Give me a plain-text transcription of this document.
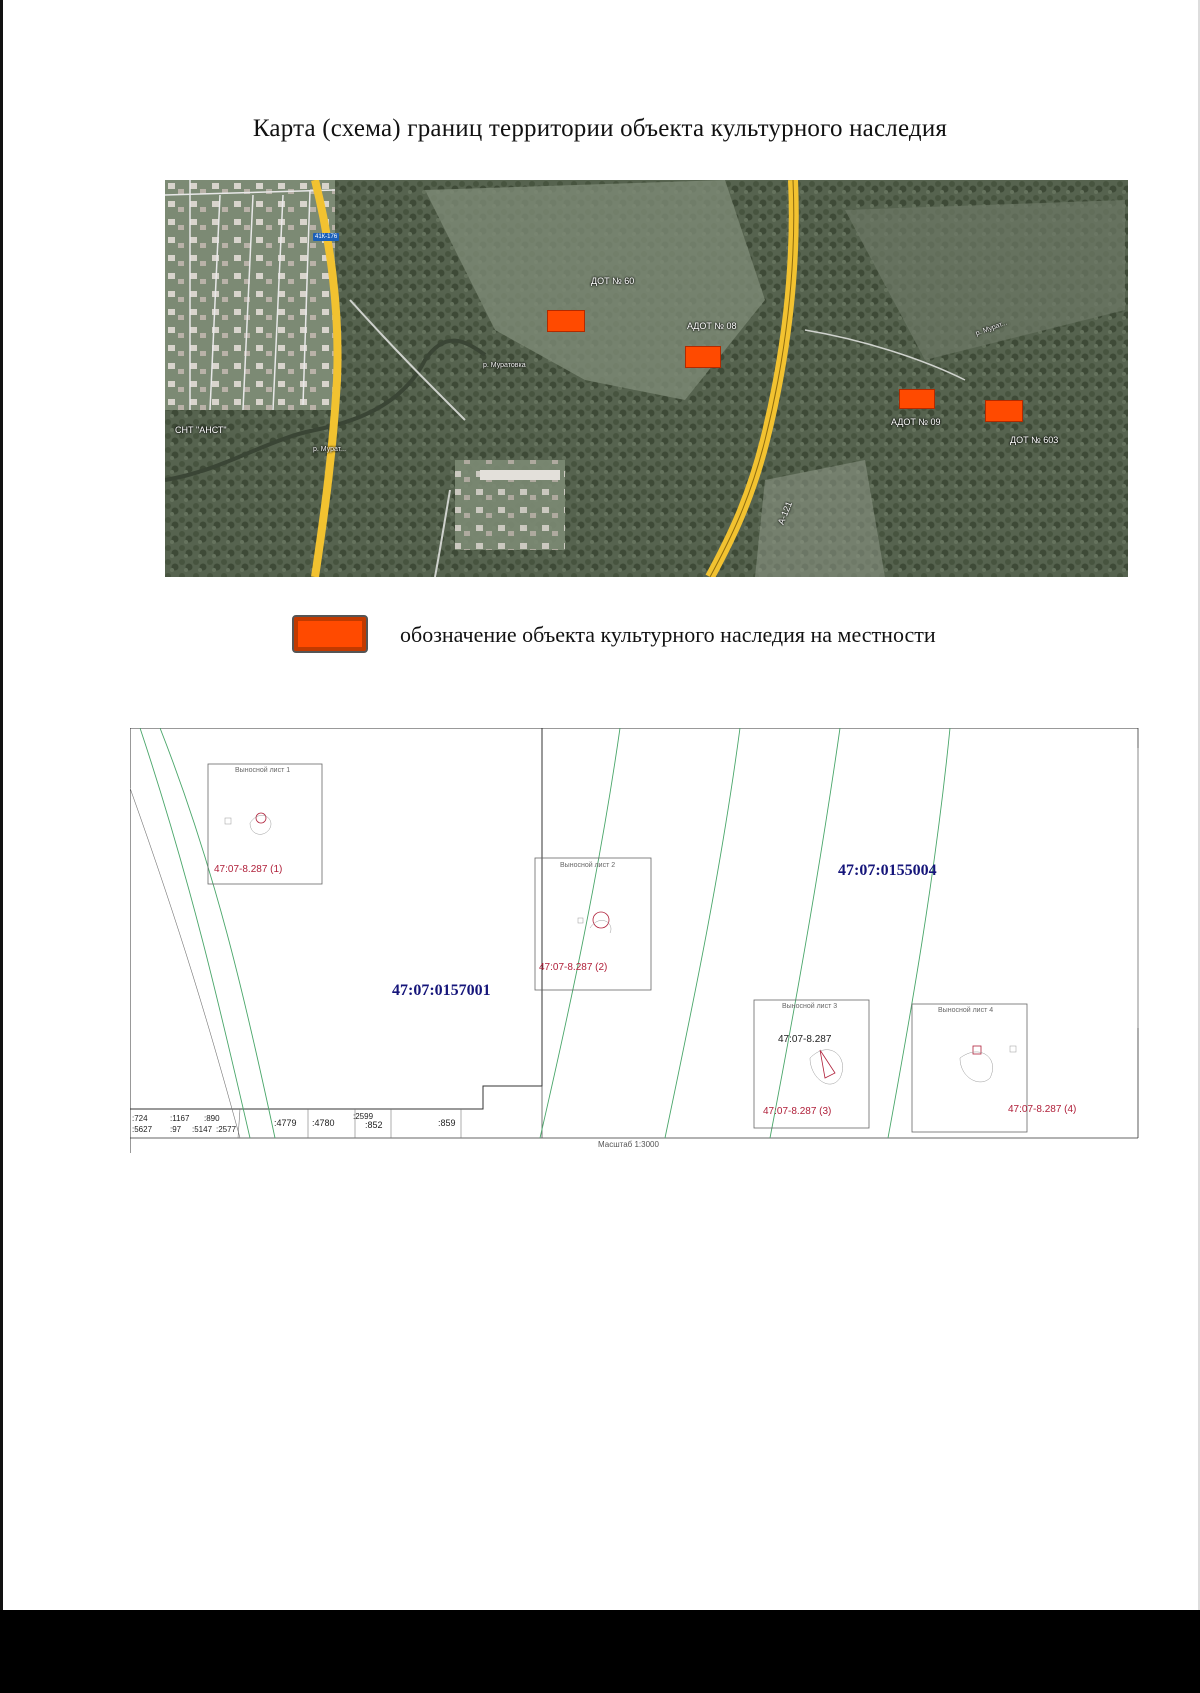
Карта (схема) границ территории объекта культурного наследия
41К-176
ДОТ № 60
АДОТ № 08
АДОТ № 09
ДОТ № 603
СНТ "АНСТ"
р. Муратовка
р. Мурат...
р. Мурат...
А-121
обозначение объекта культурного наследия на местности
47:07:0157001
47:07:0155004
Выносной лист 1
47:07-8.287 (1)	Выносной лист 2
47:07-8.287 (2)
Выносной лист 3
47:07-8.287
47:07-8.287 (3)
Выносной лист 4
47:07-8.287 (4)
:724	:1167 :890	:4779 :4780
:2599
:852	:859
:5627 :97 :5147 :2577
Масштаб 1:3000
